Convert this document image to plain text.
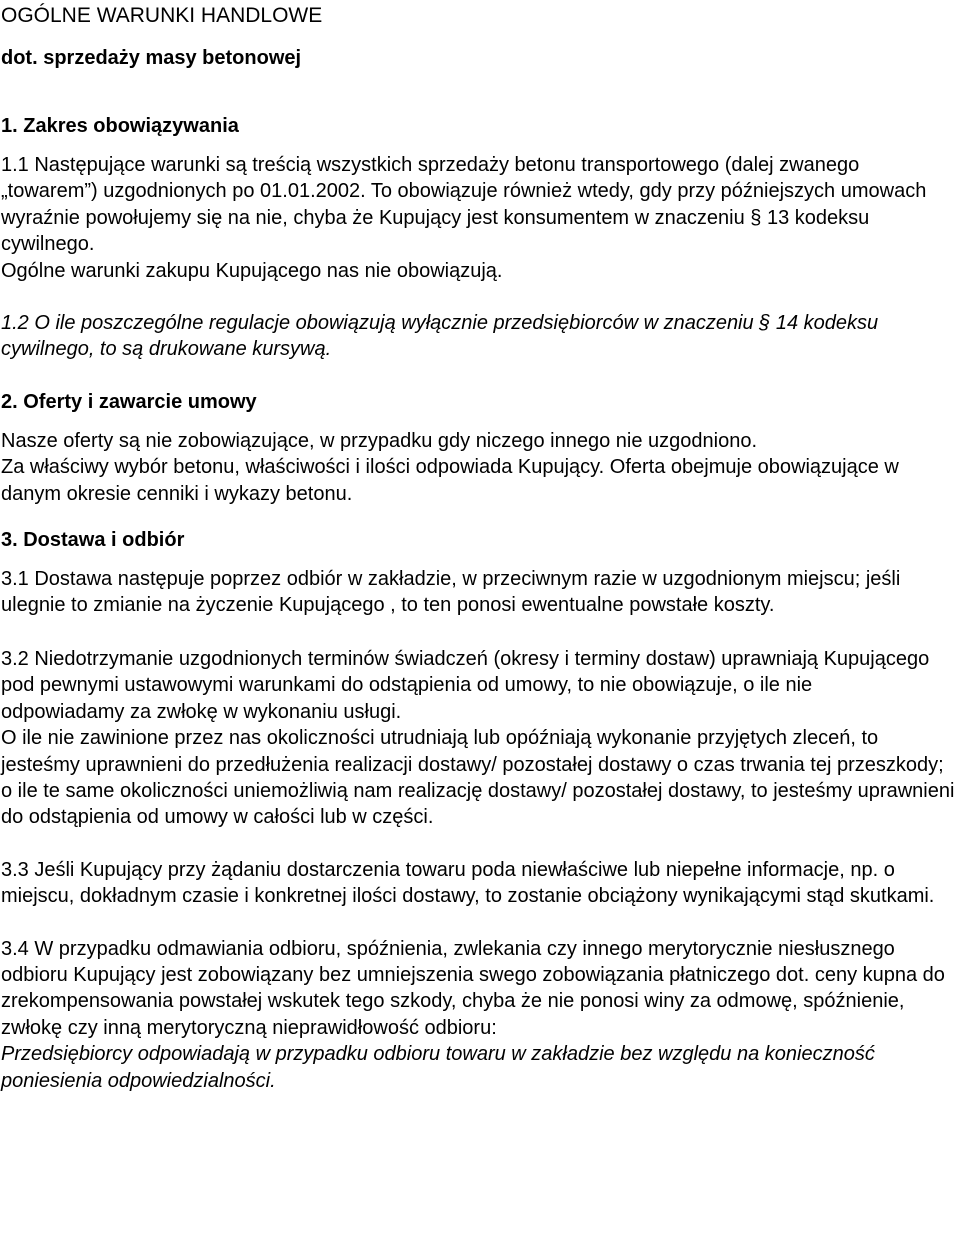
OGÓLNE WARUNKI HANDLOWE
dot. sprzedaży masy betonowej
1. Zakres obowiązywania

1.1 Następujące warunki są treścią wszystkich sprzedaży betonu transportowego (dalej zwanego „towarem”) uzgodnionych po 01.01.2002. To obowiązuje również wtedy, gdy przy późniejszych umowach wyraźnie powołujemy się na nie, chyba że Kupujący jest konsumentem w znaczeniu § 13 kodeksu cywilnego.

Ogólne warunki zakupu Kupującego nas nie obowiązują.

1.2 O ile poszczególne regulacje obowiązują wyłącznie przedsiębiorców w znaczeniu § 14 kodeksu cywilnego, to są drukowane kursywą.

2. Oferty i zawarcie umowy

Nasze oferty są nie zobowiązujące, w przypadku gdy niczego innego nie uzgodniono.

Za właściwy wybór betonu, właściwości i ilości odpowiada Kupujący. Oferta obejmuje obowiązujące w danym okresie cenniki i wykazy betonu.

3. Dostawa i odbiór

3.1 Dostawa następuje poprzez odbiór w zakładzie, w przeciwnym razie w uzgodnionym miejscu; jeśli ulegnie to zmianie na życzenie Kupującego , to ten ponosi ewentualne powstałe koszty.

3.2 Niedotrzymanie uzgodnionych terminów świadczeń (okresy i terminy dostaw) uprawniają Kupującego pod pewnymi ustawowymi warunkami do odstąpienia od umowy, to nie obowiązuje, o ile nie odpowiadamy za zwłokę w wykonaniu usługi.

O ile nie zawinione przez nas okoliczności utrudniają lub opóźniają wykonanie przyjętych zleceń, to jesteśmy uprawnieni do przedłużenia realizacji dostawy/ pozostałej dostawy o czas trwania tej przeszkody; o ile te same okoliczności uniemożliwią nam realizację dostawy/ pozostałej dostawy, to jesteśmy uprawnieni do odstąpienia od umowy w całości lub w części.

3.3 Jeśli Kupujący przy żądaniu dostarczenia towaru poda niewłaściwe lub niepełne informacje, np. o miejscu, dokładnym czasie i konkretnej ilości dostawy, to zostanie obciążony wynikającymi stąd skutkami.

3.4 W przypadku odmawiania odbioru, spóźnienia, zwlekania czy innego merytorycznie niesłusznego odbioru Kupujący jest zobowiązany bez umniejszenia swego zobowiązania płatniczego dot. ceny kupna do zrekompensowania powstałej wskutek tego szkody, chyba że nie ponosi winy za odmowę, spóźnienie, zwłokę czy inną merytoryczną nieprawidłowość odbioru:

Przedsiębiorcy odpowiadają w przypadku odbioru towaru w zakładzie bez względu na konieczność poniesienia odpowiedzialności.
